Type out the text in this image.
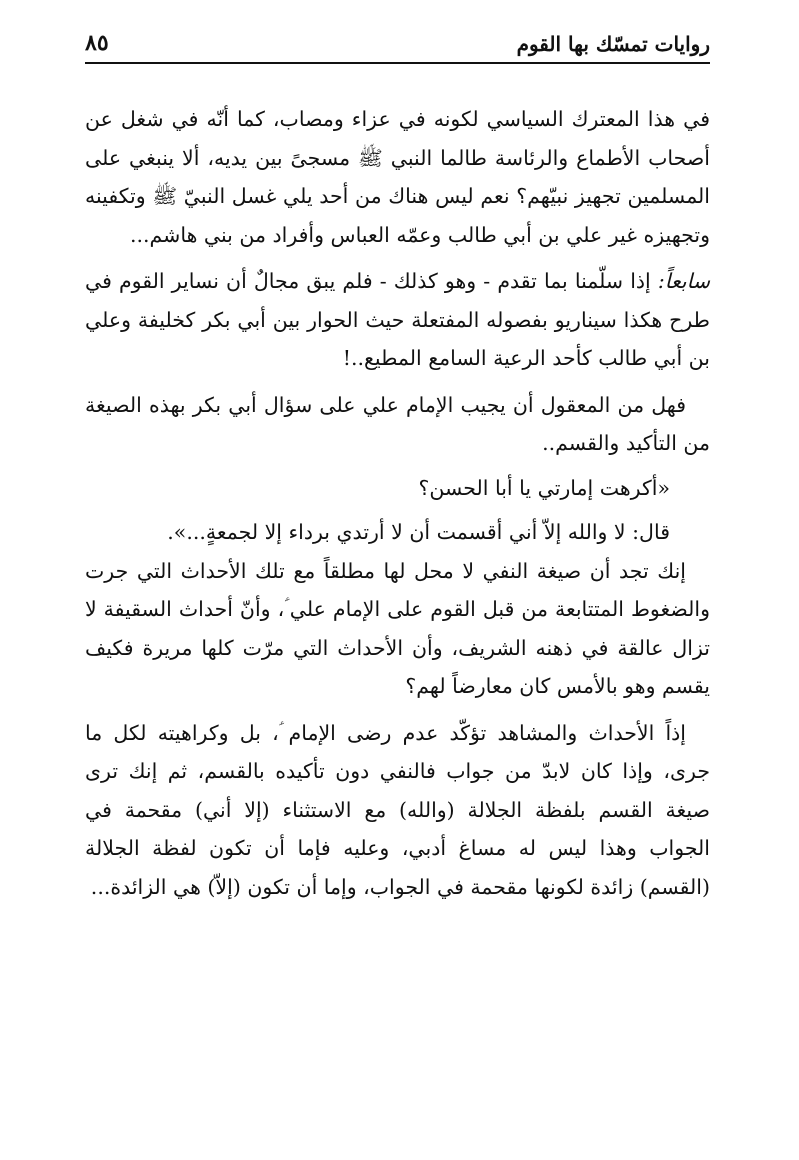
روايات تمسّك بها القوم
٨٥

في هذا المعترك السياسي لكونه في عزاء ومصاب، كما أنّه في شغل عن أصحاب الأطماع والرئاسة طالما النبي ﷺ مسجىً بين يديه، ألا ينبغي على المسلمين تجهيز نبيّهم؟ نعم ليس هناك من أحد يلي غسل النبيّ ﷺ وتكفينه وتجهيزه غير علي بن أبي طالب وعمّه العباس وأفراد من بني هاشم...

سابعاً: إذا سلّمنا بما تقدم - وهو كذلك - فلم يبق مجالٌ أن نساير القوم في طرح هكذا سيناريو بفصوله المفتعلة حيث الحوار بين أبي بكر كخليفة وعلي بن أبي طالب كأحد الرعية السامع المطيع..!

فهل من المعقول أن يجيب الإمام علي على سؤال أبي بكر بهذه الصيغة من التأكيد والقسم..

«أكرهت إمارتي يا أبا الحسن؟

قال: لا والله إلاّ أني أقسمت أن لا أرتدي برداء إلا لجمعةٍ...».

إنك تجد أن صيغة النفي لا محل لها مطلقاً مع تلك الأحداث التي جرت والضغوط المتتابعة من قبل القوم على الإمام علي ؑ، وأنّ أحداث السقيفة لا تزال عالقة في ذهنه الشريف، وأن الأحداث التي مرّت كلها مريرة فكيف يقسم وهو بالأمس كان معارضاً لهم؟

إذاً الأحداث والمشاهد تؤكّد عدم رضى الإمام ؑ، بل وكراهيته لكل ما جرى، وإذا كان لابدّ من جواب فالنفي دون تأكيده بالقسم، ثم إنك ترى صيغة القسم بلفظة الجلالة (والله) مع الاستثناء (إلا أني) مقحمة في الجواب وهذا ليس له مساغ أدبي، وعليه فإما أن تكون لفظة الجلالة (القسم) زائدة لكونها مقحمة في الجواب، وإما أن تكون (إلاّ) هي الزائدة...
